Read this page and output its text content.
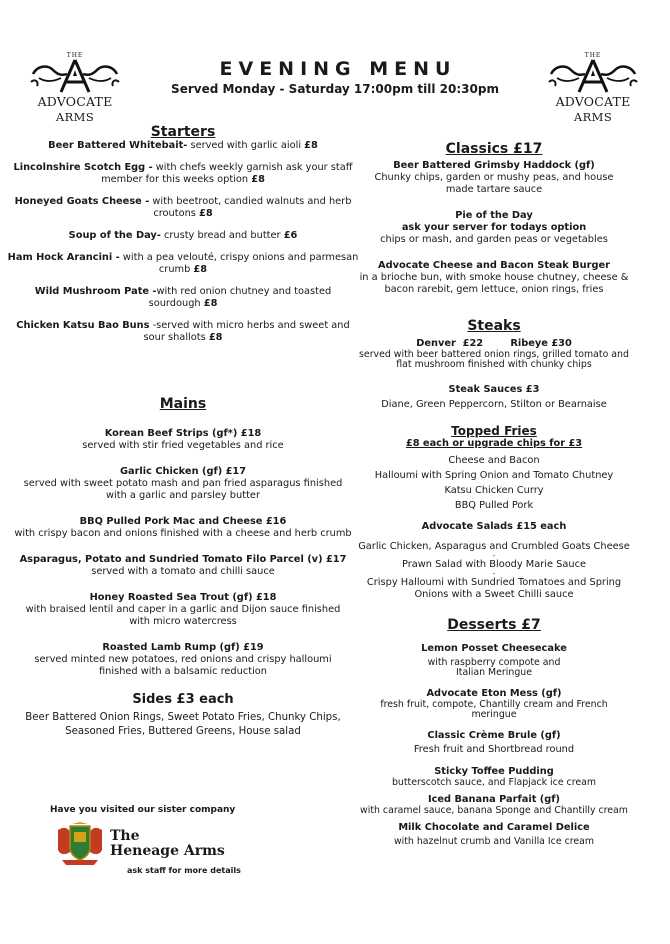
THE
ADVOCATE
ARMS
THE
ADVOCATE
ARMS
EVENING MENU
Served Monday - Saturday 17:00pm till 20:30pm
Starters
Beer Battered Whitebait- served with garlic aioli £8
Lincolnshire Scotch Egg - with chefs weekly garnish ask your staff member for this weeks option £8
Honeyed Goats Cheese - with beetroot, candied walnuts and herb croutons £8
Soup of the Day- crusty bread and butter £6
Ham Hock Arancini - with a pea velouté, crispy onions and parmesan crumb £8
Wild Mushroom Pate -with red onion chutney and toasted sourdough £8
Chicken Katsu Bao Buns -served with micro herbs and sweet and sour shallots £8
Mains
Korean Beef Strips (gf*) £18
served with stir fried vegetables and rice
Garlic Chicken (gf) £17
served with sweet potato mash and pan fried asparagus finished with a garlic and parsley butter
BBQ Pulled Pork Mac and Cheese £16
with crispy bacon and onions finished with a cheese and herb crumb
Asparagus, Potato and Sundried Tomato Filo Parcel (v) £17
served with a tomato and chilli sauce
Honey Roasted Sea Trout (gf) £18
with braised lentil and caper in a garlic and Dijon sauce finished with micro watercress
Roasted Lamb Rump (gf) £19
served minted new potatoes, red onions and crispy halloumi finished with a balsamic reduction
Sides £3 each
Beer Battered Onion Rings, Sweet Potato Fries, Chunky Chips, Seasoned Fries, Buttered Greens, House salad
Have you visited our sister company
The
Heneage Arms
ask staff for more details
Classics £17
Beer Battered Grimsby Haddock (gf)
Chunky chips, garden or mushy peas, and house made tartare sauce
Pie of the Day
ask your server for todays option
chips or mash, and garden peas or vegetables
Advocate Cheese and Bacon Steak Burger
in a brioche bun, with smoke house chutney, cheese & bacon rarebit, gem lettuce, onion rings, fries
Steaks
Denver  £22        Ribeye £30
served with beer battered onion rings, grilled tomato and flat mushroom finished with chunky chips
Steak Sauces £3
Diane, Green Peppercorn, Stilton or Bearnaise
Topped Fries
£8 each or upgrade chips for £3
Cheese and Bacon
Halloumi with Spring Onion and Tomato Chutney
Katsu Chicken Curry
BBQ Pulled Pork
Advocate Salads £15 each
Garlic Chicken, Asparagus and Crumbled Goats Cheese
-
Prawn Salad with Bloody Marie Sauce
-
Crispy Halloumi with Sundried Tomatoes and Spring Onions with a Sweet Chilli sauce
Desserts £7
Lemon Posset Cheesecake
with raspberry compote and Italian Meringue
Advocate Eton Mess (gf)
fresh fruit, compote, Chantilly cream and French meringue
Classic Crème Brule (gf)
Fresh fruit and Shortbread round
Sticky Toffee Pudding
butterscotch sauce, and Flapjack ice cream
Iced Banana Parfait (gf)
with caramel sauce, banana Sponge and Chantilly cream
Milk Chocolate and Caramel Delice
with hazelnut crumb and Vanilla Ice cream
